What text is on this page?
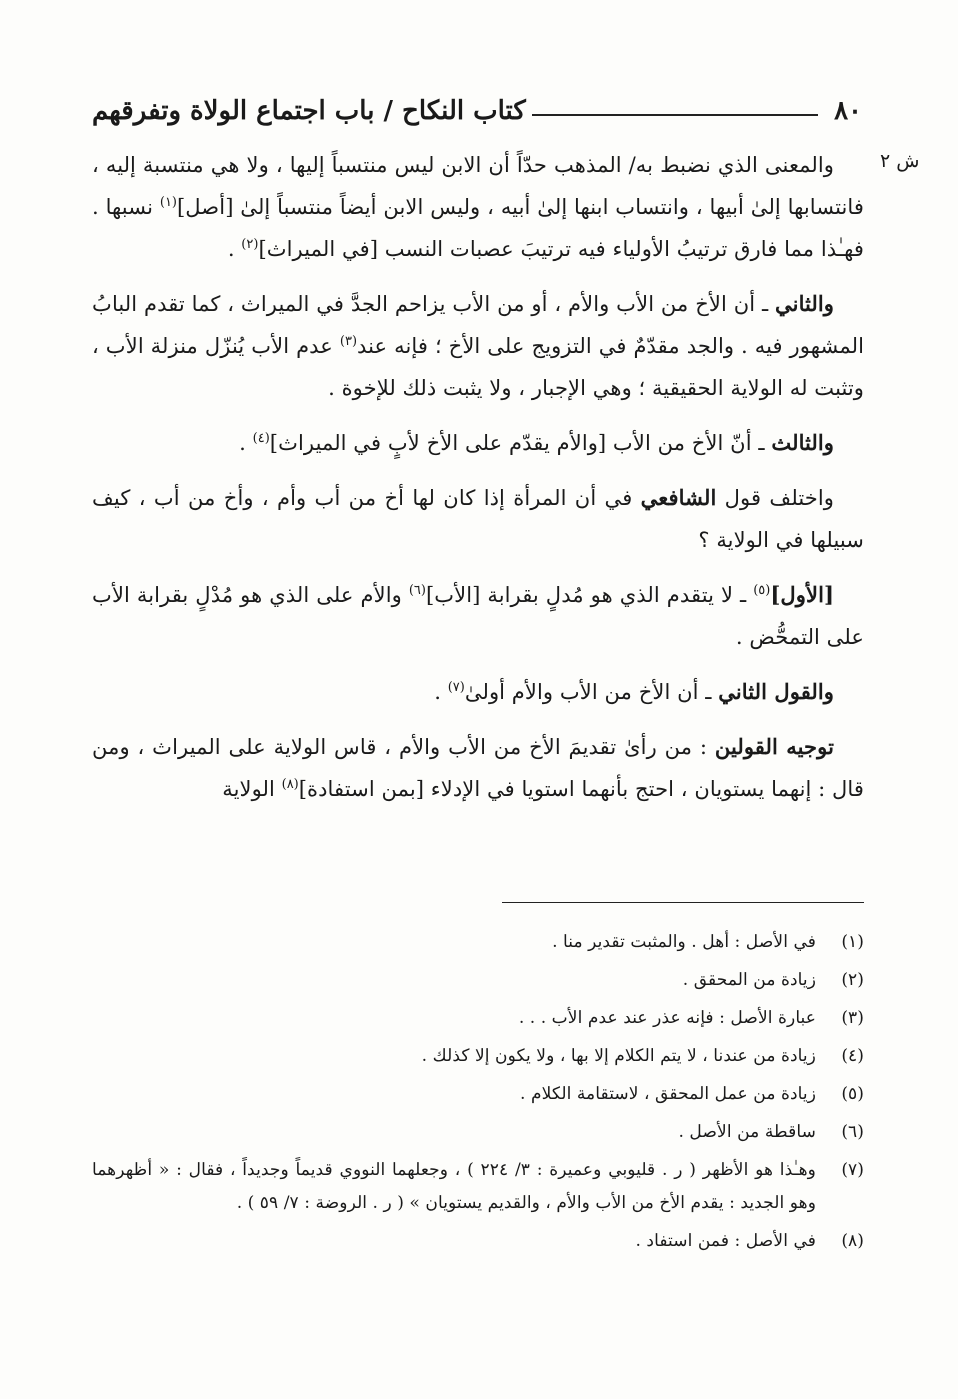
٨٠
كتاب النكاح / باب اجتماع الولاة وتفرقهم
ش ٢

والمعنى الذي نضبط به/ المذهب حدّاً أن الابن ليس منتسباً إليها ، ولا هي منتسبة إليه ، فانتسابها إلىٰ أبيها ، وانتساب ابنها إلىٰ أبيه ، وليس الابن أيضاً منتسباً إلىٰ [أصل]$^{(١)}$ نسبها . فهـٰذا مما فارق ترتيبُ الأولياء فيه ترتيبَ عصبات النسب [في الميراث]$^{(٢)}$ .

والثاني ـ أن الأخ من الأب والأم ، أو من الأب يزاحم الجدَّ في الميراث ، كما تقدم البابُ المشهور فيه . والجد مقدّمٌ في التزويج على الأخ ؛ فإنه عند$^{(٣)}$ عدم الأب يُنزّل منزلة الأب ، وتثبت له الولاية الحقيقية ؛ وهي الإجبار ، ولا يثبت ذلك للإخوة .

والثالث ـ أنّ الأخ من الأب [والأم يقدّم على الأخ لأبٍ في الميراث]$^{(٤)}$ .

واختلف قول الشافعي في أن المرأة إذا كان لها أخ من أب وأم ، وأخ من أب ، كيف سبيلها في الولاية ؟

[الأول]$^{(٥)}$ ـ لا يتقدم الذي هو مُدلٍ بقرابة [الأب]$^{(٦)}$ والأم على الذي هو مُدْلٍ بقرابة الأب على التمحُّض .

والقول الثاني ـ أن الأخ من الأب والأم أولىٰ$^{(٧)}$ .

توجيه القولين : من رأىٰ تقديمَ الأخ من الأب والأم ، قاس الولاية على الميراث ، ومن قال : إنهما يستويان ، احتج بأنهما استويا في الإدلاء [بمن استفادة]$^{(٨)}$ الولاية

(١)
في الأصل : أهل . والمثبت تقدير منا .
(٢)
زيادة من المحقق .
(٣)
عبارة الأصل : فإنه عذر عند عدم الأب . . .
(٤)
زيادة من عندنا ، لا يتم الكلام إلا بها ، ولا يكون إلا كذلك .
(٥)
زيادة من عمل المحقق ، لاستقامة الكلام .
(٦)
ساقطة من الأصل .
(٧)
وهـٰذا هو الأظهر ( ر . قليوبي وعميرة : ٣/ ٢٢٤ ) ، وجعلهما النووي قديماً وجديداً ، فقال : « أظهرهما وهو الجديد : يقدم الأخ من الأب والأم ، والقديم يستويان » ( ر . الروضة : ٧/ ٥٩ ) .
(٨)
في الأصل : فمن استفاد .
